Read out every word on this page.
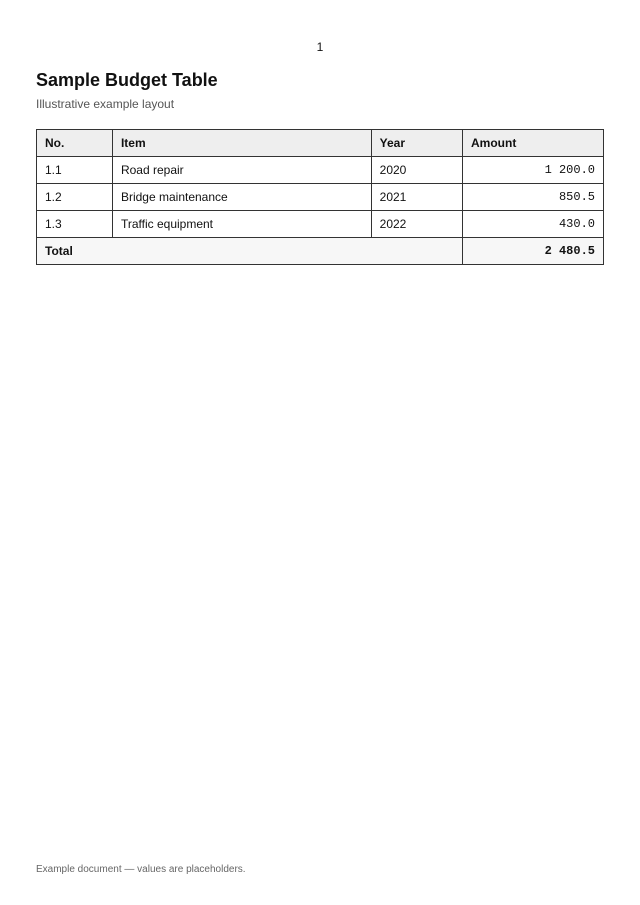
1
Sample Budget Table

Illustrative example layout

No.	Item	Year	Amount
1.1	Road repair	2020	1 200.0
1.2	Bridge maintenance	2021	850.5
1.3	Traffic equipment	2022	430.0
Total			2 480.5
Example document — values are placeholders.
